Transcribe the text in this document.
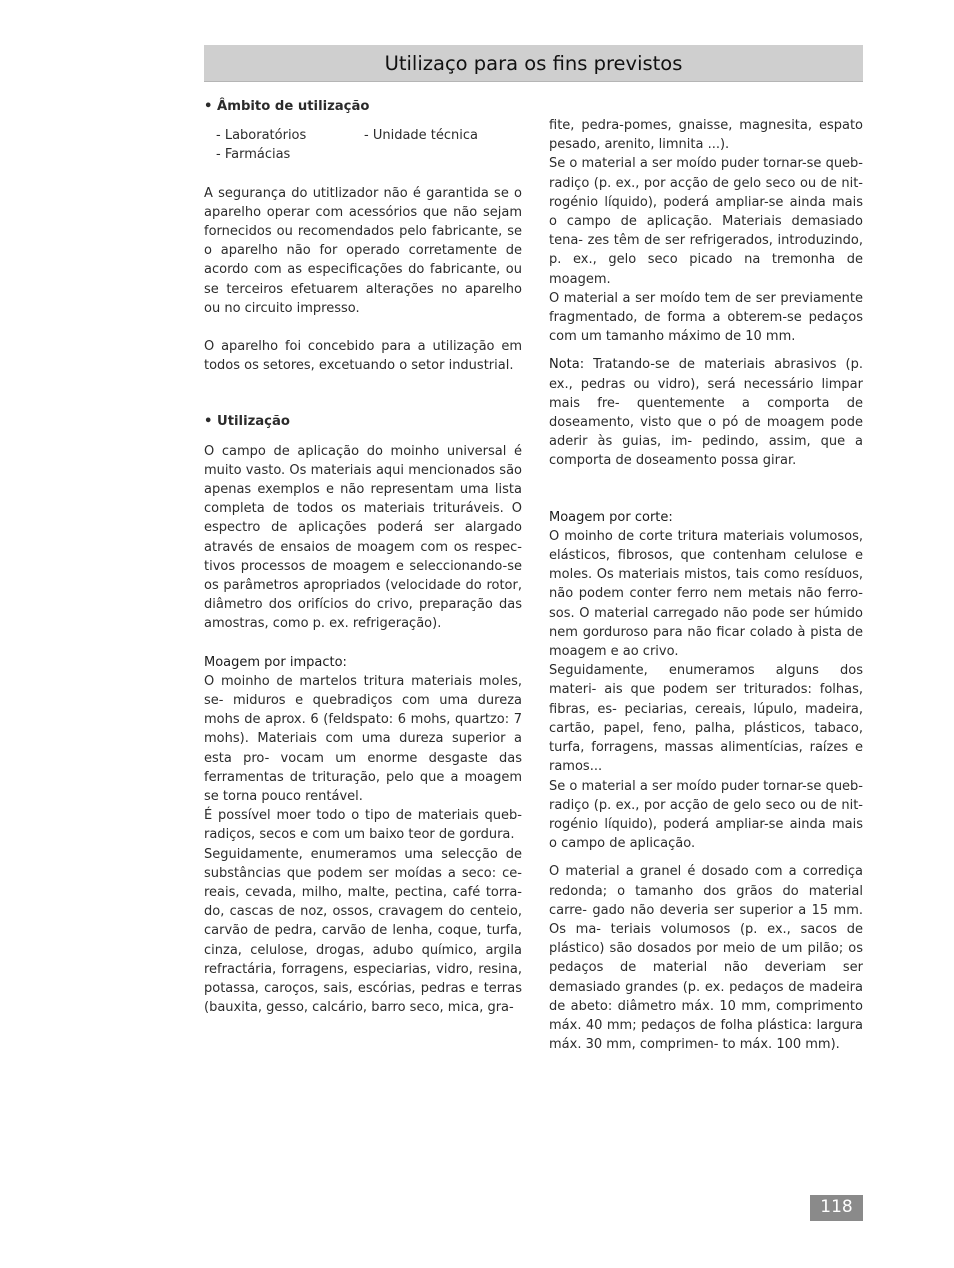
Utilizaço para os fins previstos

• Âmbito de utilização

- Laboratórios	- Unidade técnica
- Farmácias

A segurança do utitlizador não é garantida se o aparelho operar com acessórios que não sejam fornecidos ou recomendados pelo fabricante, se o aparelho não for operado corretamente de acordo com as especificações do fabricante, ou se terceiros efetuarem alterações no aparelho ou no circuito impresso.

O aparelho foi concebido para a utilização em todos os setores, excetuando o setor industrial.

• Utilização

O campo de aplicação do moinho universal é muito vasto. Os materiais aqui mencionados são apenas exemplos e não representam uma lista completa de todos os materiais trituráveis. O espectro de aplicações poderá ser alargado através de ensaios de moagem com os respec- tivos processos de moagem e seleccionando-se os parâmetros apropriados (velocidade do rotor, diâmetro dos orifícios do crivo, preparação das amostras, como p. ex. refrigeração).

Moagem por impacto:

O moinho de martelos tritura materiais moles, se- miduros e quebradiços com uma dureza mohs de aprox. 6 (feldspato: 6 mohs, quartzo: 7 mohs). Materiais com uma dureza superior a esta pro- vocam um enorme desgaste das ferramentas de trituração, pelo que a moagem se torna pouco rentável.

É possível moer todo o tipo de materiais queb- radiços, secos e com um baixo teor de gordura.

Seguidamente, enumeramos uma selecção de substâncias que podem ser moídas a seco: ce- reais, cevada, milho, malte, pectina, café torra- do, cascas de noz, ossos, cravagem do centeio, carvão de pedra, carvão de lenha, coque, turfa, cinza, celulose, drogas, adubo químico, argila refractária, forragens, especiarias, vidro, resina, potassa, caroços, sais, escórias, pedras e terras (bauxita, gesso, calcário, barro seco, mica, gra-

fite, pedra-pomes, gnaisse, magnesita, espato pesado, arenito, limnita ...).

Se o material a ser moído puder tornar-se queb- radiço (p. ex., por acção de gelo seco ou de nit- rogénio líquido), poderá ampliar-se ainda mais o campo de aplicação. Materiais demasiado tena- zes têm de ser refrigerados, introduzindo, p. ex., gelo seco picado na tremonha de moagem.

O material a ser moído tem de ser previamente fragmentado, de forma a obterem-se pedaços com um tamanho máximo de 10 mm.

Nota: Tratando-se de materiais abrasivos (p. ex., pedras ou vidro), será necessário limpar mais fre- quentemente a comporta de doseamento, visto que o pó de moagem pode aderir às guias, im- pedindo, assim, que a comporta de doseamento possa girar.

Moagem por corte:

O moinho de corte tritura materiais volumosos, elásticos, fibrosos, que contenham celulose e moles. Os materiais mistos, tais como resíduos, não podem conter ferro nem metais não ferro- sos. O material carregado não pode ser húmido nem gorduroso para não ficar colado à pista de moagem e ao crivo.

Seguidamente, enumeramos alguns dos materi- ais que podem ser triturados: folhas, fibras, es- peciarias, cereais, lúpulo, madeira, cartão, papel, feno, palha, plásticos, tabaco, turfa, forragens, massas alimentícias, raízes e ramos...

Se o material a ser moído puder tornar-se queb- radiço (p. ex., por acção de gelo seco ou de nit- rogénio líquido), poderá ampliar-se ainda mais o campo de aplicação.

O material a granel é dosado com a corrediça redonda; o tamanho dos grãos do material carre- gado não deveria ser superior a 15 mm. Os ma- teriais volumosos (p. ex., sacos de plástico) são dosados por meio de um pilão; os pedaços de material não deveriam ser demasiado grandes (p. ex. pedaços de madeira de abeto: diâmetro máx. 10 mm, comprimento máx. 40 mm; pedaços de folha plástica: largura máx. 30 mm, comprimen- to máx. 100 mm).

118
